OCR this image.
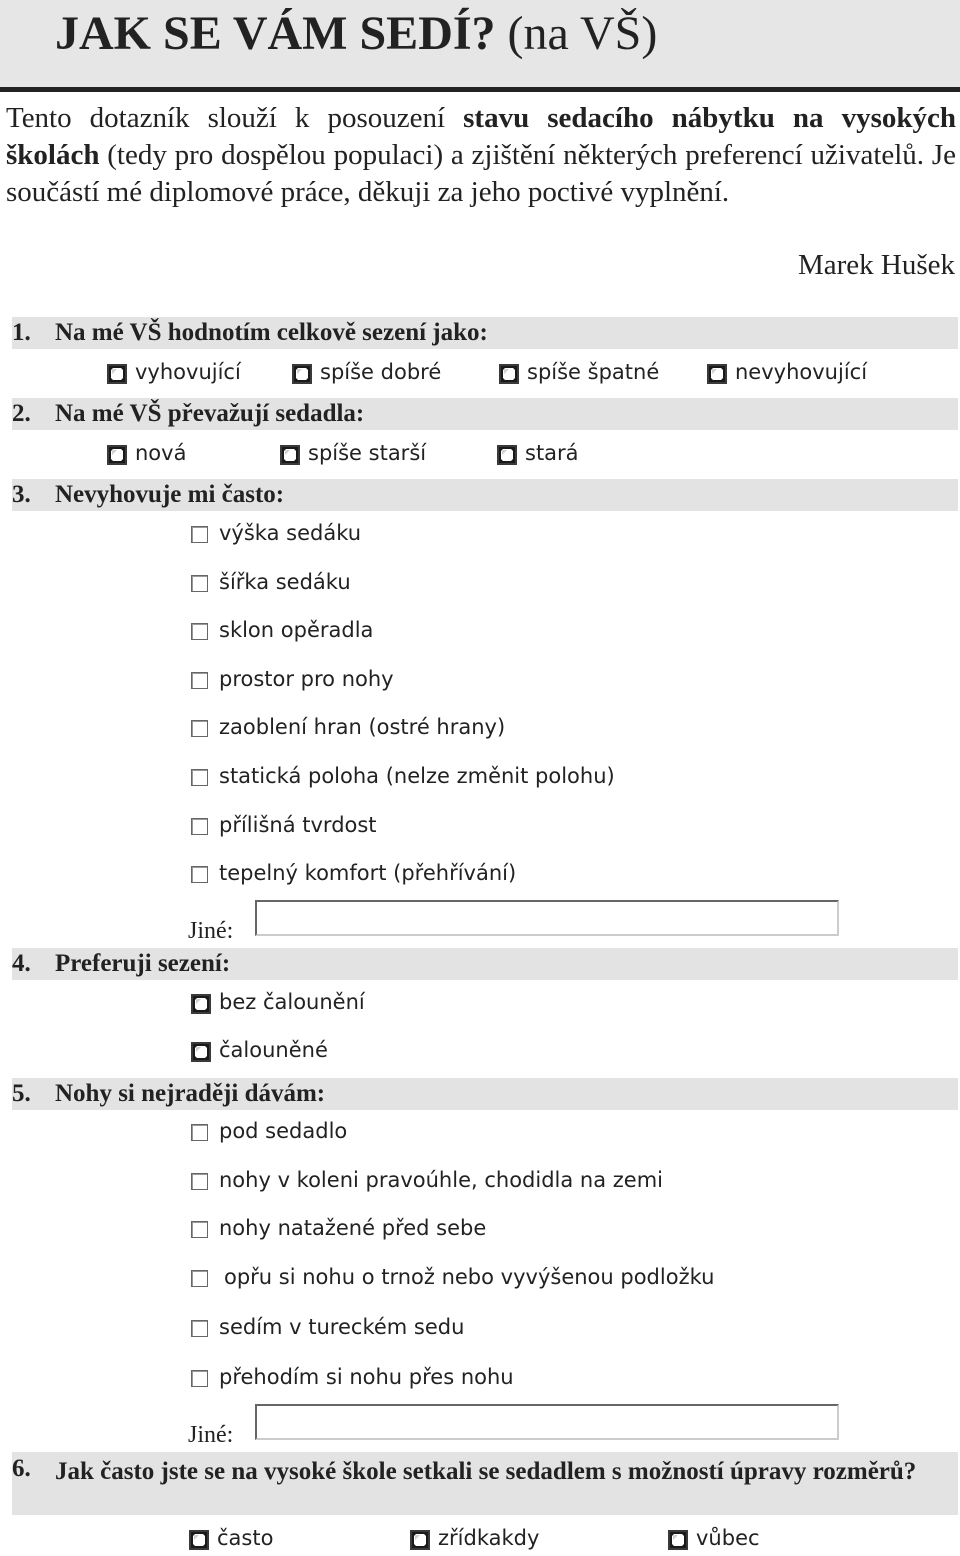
JAK SE VÁM SEDÍ? (na VŠ)
Tento dotazník slouží k posouzení stavu sedacího nábytku na vysokých školách (tedy pro dospělou populaci) a zjištění některých preferencí uživatelů. Je součástí mé diplomové práce, děkuji za jeho poctivé vyplnění.
Marek Hušek
1. Na mé VŠ hodnotím celkově sezení jako:
vyhovující	spíše dobré	spíše špatné	nevyhovující
2. Na mé VŠ převažují sedadla:
nová	spíše starší	stará
3. Nevyhovuje mi často:
výška sedáku
šířka sedáku
sklon opěradla
prostor pro nohy
zaoblení hran (ostré hrany)
statická poloha (nelze změnit polohu)
přílišná tvrdost
tepelný komfort (přehřívání)
Jiné:
4. Preferuji sezení:
bez čalounění
čalouněné
5. Nohy si nejraději dávám:
pod sedadlo
nohy v koleni pravoúhle, chodidla na zemi
nohy natažené před sebe
opřu si nohu o trnož nebo vyvýšenou podložku
sedím v tureckém sedu
přehodím si nohu přes nohu
Jiné:
6. Jak často jste se na vysoké škole setkali se sedadlem s možností úpravy rozměrů?
často	zřídkakdy	vůbec
